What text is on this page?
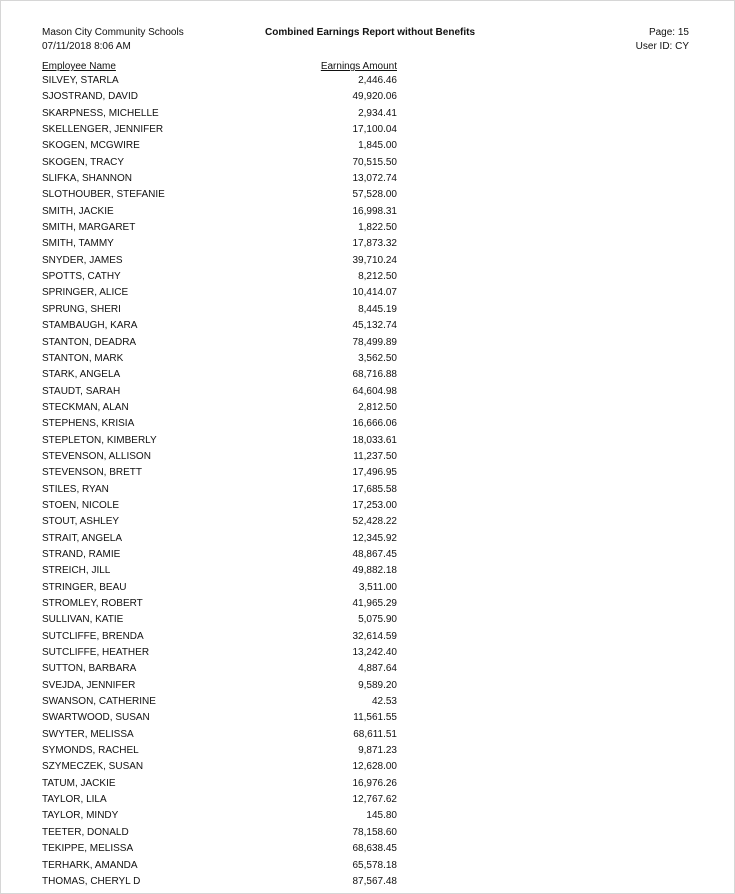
Mason City Community Schools
07/11/2018 8:06 AM
Combined Earnings Report without Benefits	Page: 15
User ID: CY
Employee Name	Earnings Amount
SILVEY, STARLA	2,446.46
SJOSTRAND, DAVID	49,920.06
SKARPNESS, MICHELLE	2,934.41
SKELLENGER, JENNIFER	17,100.04
SKOGEN, MCGWIRE	1,845.00
SKOGEN, TRACY	70,515.50
SLIFKA, SHANNON	13,072.74
SLOTHOUBER, STEFANIE	57,528.00
SMITH, JACKIE	16,998.31
SMITH, MARGARET	1,822.50
SMITH, TAMMY	17,873.32
SNYDER, JAMES	39,710.24
SPOTTS, CATHY	8,212.50
SPRINGER, ALICE	10,414.07
SPRUNG, SHERI	8,445.19
STAMBAUGH, KARA	45,132.74
STANTON, DEADRA	78,499.89
STANTON, MARK	3,562.50
STARK, ANGELA	68,716.88
STAUDT, SARAH	64,604.98
STECKMAN, ALAN	2,812.50
STEPHENS, KRISIA	16,666.06
STEPLETON, KIMBERLY	18,033.61
STEVENSON, ALLISON	11,237.50
STEVENSON, BRETT	17,496.95
STILES, RYAN	17,685.58
STOEN, NICOLE	17,253.00
STOUT, ASHLEY	52,428.22
STRAIT, ANGELA	12,345.92
STRAND, RAMIE	48,867.45
STREICH, JILL	49,882.18
STRINGER, BEAU	3,511.00
STROMLEY, ROBERT	41,965.29
SULLIVAN, KATIE	5,075.90
SUTCLIFFE, BRENDA	32,614.59
SUTCLIFFE, HEATHER	13,242.40
SUTTON, BARBARA	4,887.64
SVEJDA, JENNIFER	9,589.20
SWANSON, CATHERINE	42.53
SWARTWOOD, SUSAN	11,561.55
SWYTER, MELISSA	68,611.51
SYMONDS, RACHEL	9,871.23
SZYMECZEK, SUSAN	12,628.00
TATUM, JACKIE	16,976.26
TAYLOR, LILA	12,767.62
TAYLOR, MINDY	145.80
TEETER, DONALD	78,158.60
TEKIPPE, MELISSA	68,638.45
TERHARK, AMANDA	65,578.18
THOMAS, CHERYL D	87,567.48
